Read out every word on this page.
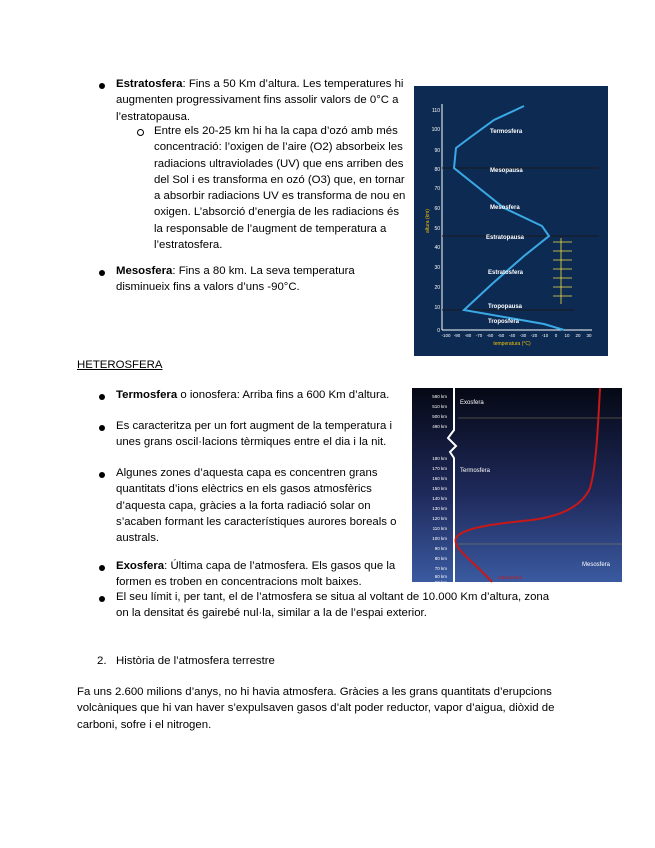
Estratosfera: Fins a 50 Km d’altura. Les temperatures hi augmenten progressivament fins assolir valors de 0°C a l’estratopausa.
Entre els 20-25 km hi ha la capa d’ozó amb més concentració: l’oxigen de l’aire (O2) absorbeix les radiacions ultraviolades (UV) que ens arriben des del Sol i es transforma en ozó (O3) que, en tornar a absorbir radiacions UV es transforma de nou en oxigen. L’absorció d’energia de les radiacions és la responsable de l’augment de temperatura a l’estratosfera.
Mesosfera: Fins a 80 km. La seva temperatura disminueix fins a valors d’uns -90°C.
110
100
90
80
70
60
50
40
30
20
10
0
-100 -90 -80 -70 -60 -50 -40 -30 -20 -10 0 10 20 30
temperatura (°C)
altura (km)
Termosfera
Mesopausa
Mesosfera
Estratopausa
Estratosfera
Tropopausa
Troposfera
HETEROSFERA
Termosfera o ionosfera: Arriba fins a 600 Km d’altura.
Es caracteritza per un fort augment de la temperatura i unes grans oscil·lacions tèrmiques entre el dia i la nit.
Algunes zones d’aquesta capa es concentren grans quantitats d’ions elèctrics en els gasos atmosfèrics d’aquesta capa, gràcies a la forta radiació solar on s’acaben formant les característiques aurores boreals o australs.
Exosfera: Última capa de l’atmosfera. Els gasos que la formen es troben en concentracions molt baixes.
El seu límit i, per tant, el de l’atmosfera se situa al voltant de 10.000 Km d’altura, zona on la densitat és gairebé nul·la, similar a la de l’espai exterior.
580 km
510 km
500 km
490 km
180 km
170 km
160 km
150 km
140 km
130 km
120 km
110 km
100 km
90 km
80 km
70 km
60 km
50 km
Exosfera
Termosfera
Mesosfera
Estratosfera
2. Història de l’atmosfera terrestre
Fa uns 2.600 milions d’anys, no hi havia atmosfera. Gràcies a les grans quantitats d’erupcions volcàniques que hi van haver s’expulsaven gasos d’alt poder reductor, vapor d’aigua, diòxid de carboni, sofre i el nitrogen.
